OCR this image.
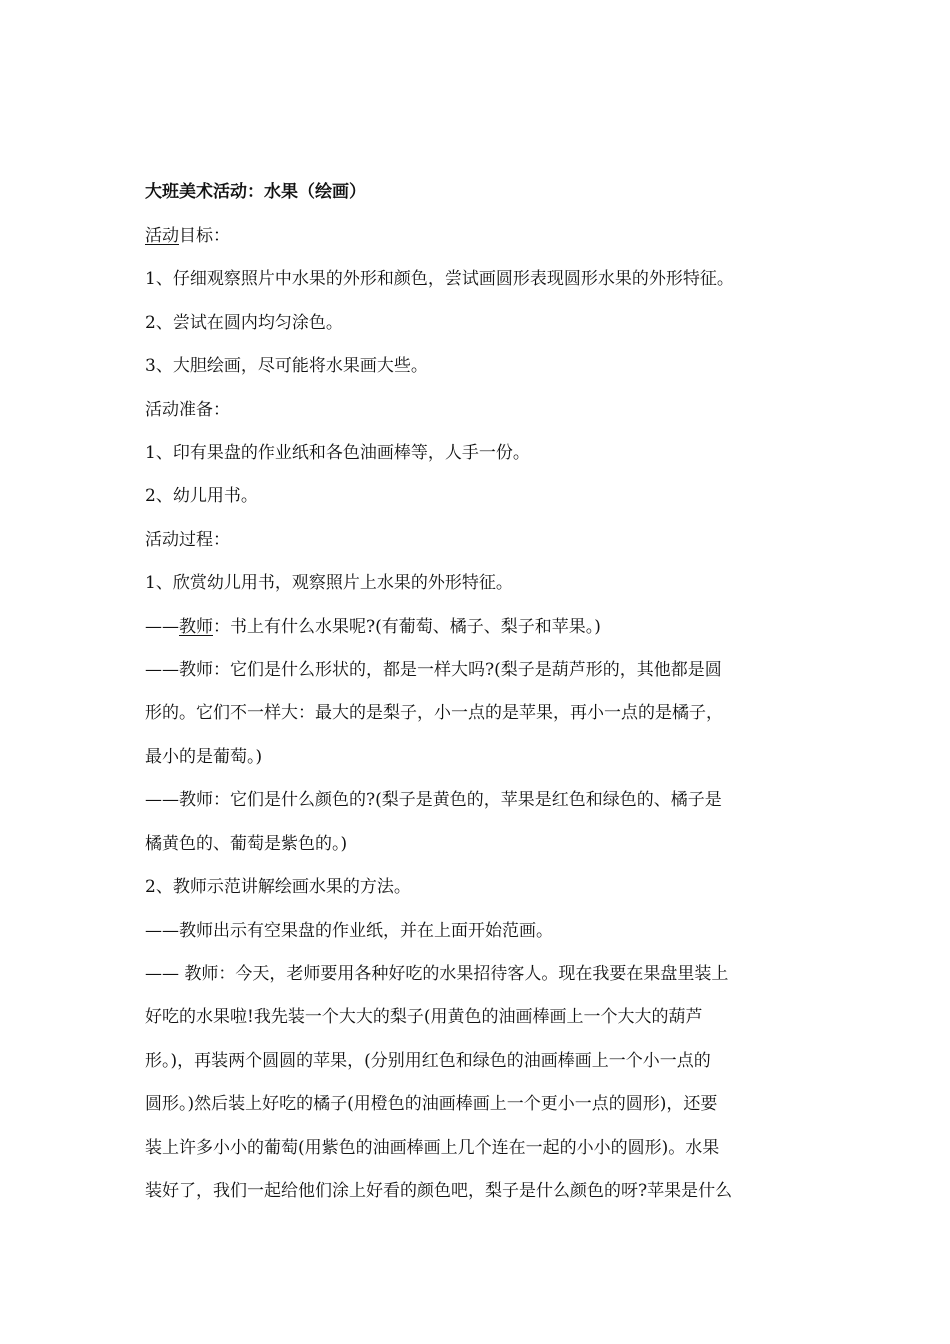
大班美术活动：水果（绘画）
活动目标：
1、仔细观察照片中水果的外形和颜色，尝试画圆形表现圆形水果的外形特征。
2、尝试在圆内均匀涂色。
3、大胆绘画，尽可能将水果画大些。
活动准备：
1、印有果盘的作业纸和各色油画棒等，人手一份。
2、幼儿用书。
活动过程：
1、欣赏幼儿用书，观察照片上水果的外形特征。
——教师：书上有什么水果呢?(有葡萄、橘子、梨子和苹果。)
——教师：它们是什么形状的，都是一样大吗?(梨子是葫芦形的，其他都是圆
形的。它们不一样大：最大的是梨子，小一点的是苹果，再小一点的是橘子，
最小的是葡萄。)
——教师：它们是什么颜色的?(梨子是黄色的，苹果是红色和绿色的、橘子是
橘黄色的、葡萄是紫色的。)
2、教师示范讲解绘画水果的方法。
——教师出示有空果盘的作业纸，并在上面开始范画。
—— 教师：今天，老师要用各种好吃的水果招待客人。现在我要在果盘里装上
好吃的水果啦!我先装一个大大的梨子(用黄色的油画棒画上一个大大的葫芦
形。)，再装两个圆圆的苹果，(分别用红色和绿色的油画棒画上一个小一点的
圆形。)然后装上好吃的橘子(用橙色的油画棒画上一个更小一点的圆形)，还要
装上许多小小的葡萄(用紫色的油画棒画上几个连在一起的小小的圆形)。水果
装好了，我们一起给他们涂上好看的颜色吧，梨子是什么颜色的呀?苹果是什么
